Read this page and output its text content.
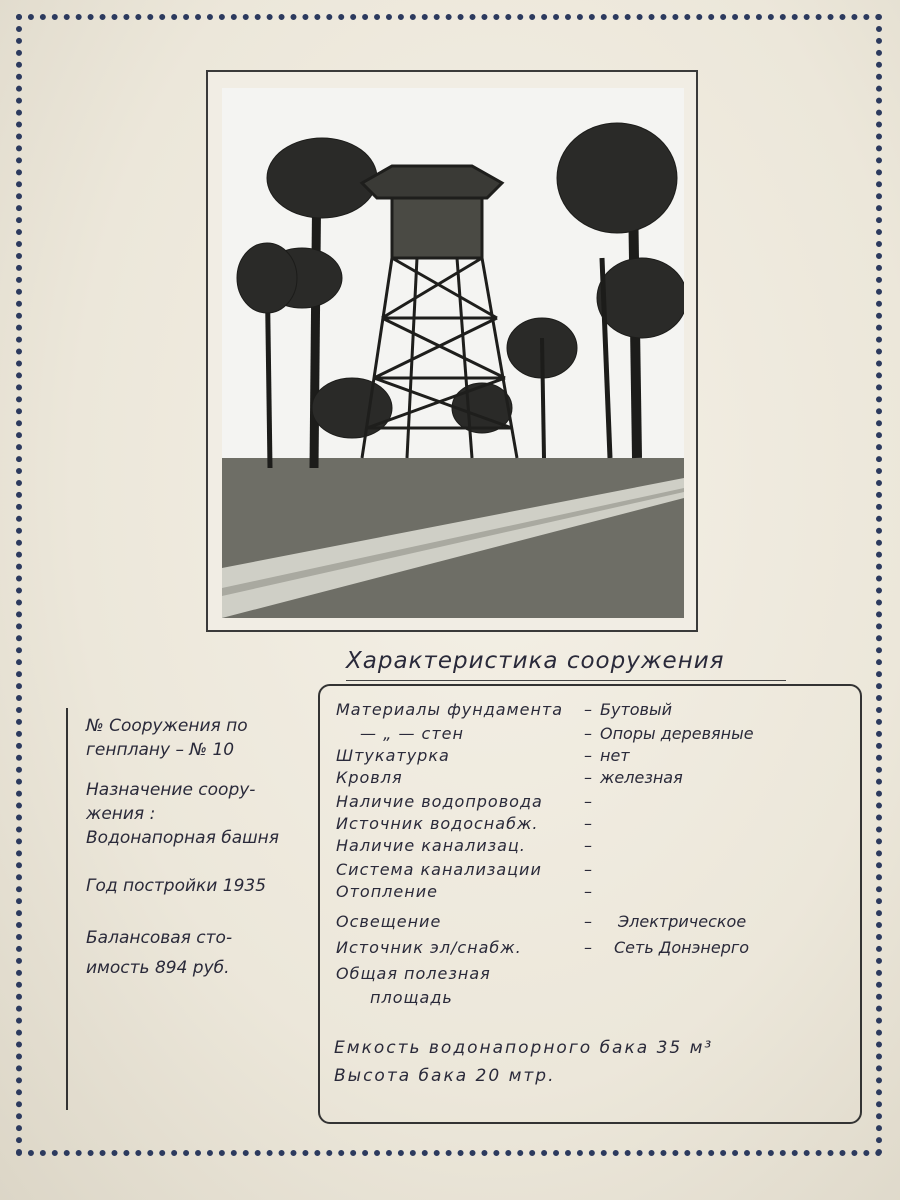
Характеристика сооружения
№ Сооружения по
генплану – № 10
Назначение соору-
жения :
Водонапорная башня
Год постройки 1935
Балансовая сто-
имость 894 руб.
Материалы фундамента – Бутовый
— „ — стен	– Опоры деревяные
Штукатурка	– нет
Кровля	– железная
Наличие водопровода	–
Источник водоснабж.	–
Наличие канализац.	–
Система канализации	–
Отопление	–
Освещение	– Электрическое
Источник эл/снабж.	– Сеть Донэнерго
Общая полезная
площадь
Емкость водонапорного бака 35 м³
Высота бака 20 мтр.
